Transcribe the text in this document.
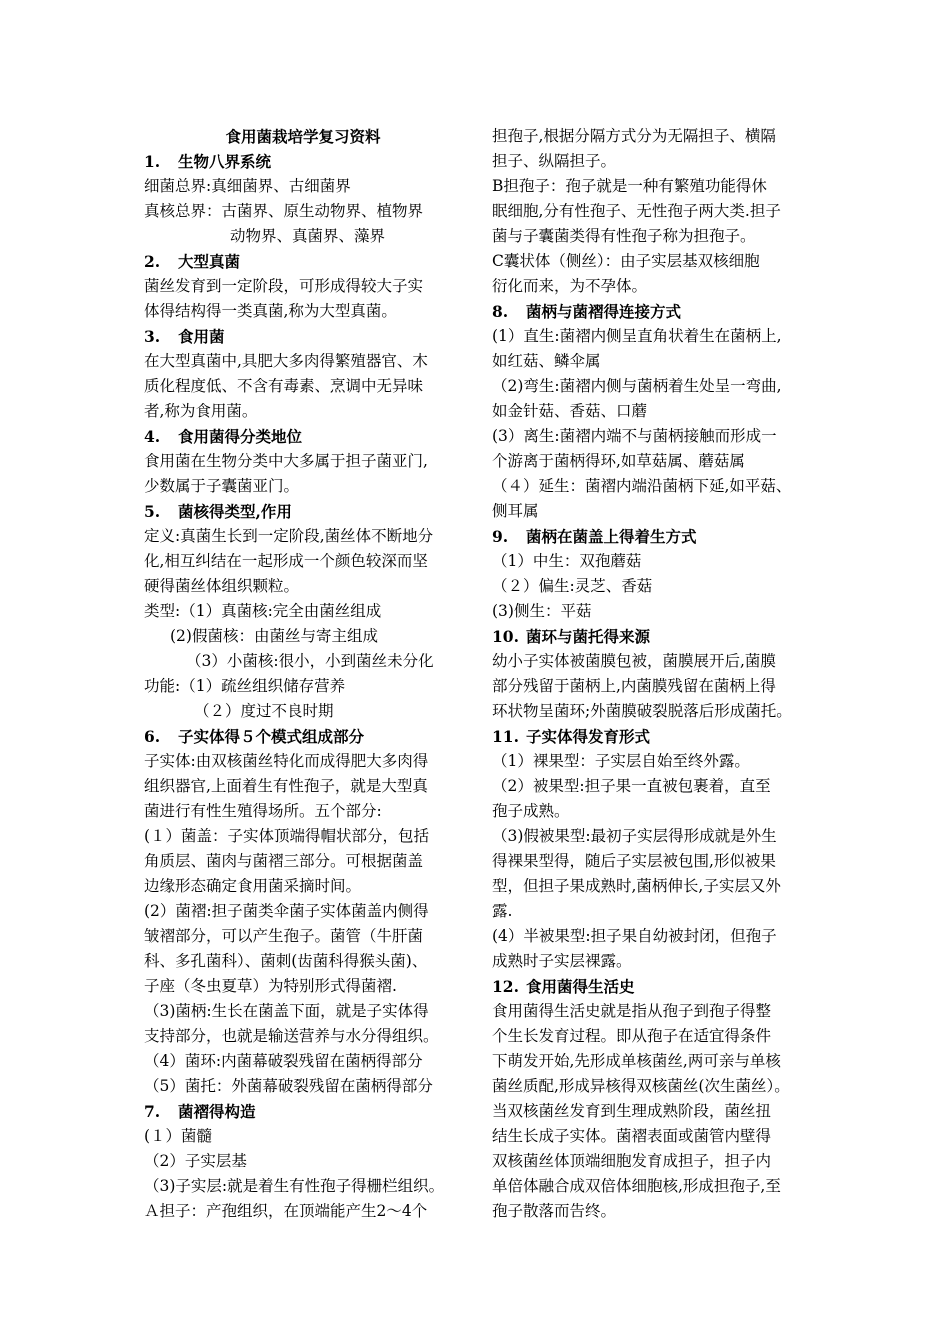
食用菌栽培学复习资料
1. 生物八界系统
细菌总界:真细菌界、古细菌界
真核总界：古菌界、原生动物界、植物界
动物界、真菌界、藻界
2. 大型真菌
菌丝发育到一定阶段，可形成得较大子实
体得结构得一类真菌,称为大型真菌。
3. 食用菌
在大型真菌中,具肥大多肉得繁殖器官、木
质化程度低、不含有毒素、烹调中无异味
者,称为食用菌。
4. 食用菌得分类地位
食用菌在生物分类中大多属于担子菌亚门,
少数属于子囊菌亚门。
5. 菌核得类型,作用
定义:真菌生长到一定阶段,菌丝体不断地分
化,相互纠结在一起形成一个颜色较深而坚
硬得菌丝体组织颗粒。
类型:（1）真菌核:完全由菌丝组成
(2)假菌核：由菌丝与寄主组成
（3）小菌核:很小，小到菌丝未分化
功能:（1）疏丝组织储存营养
（２）度过不良时期
6. 子实体得５个模式组成部分
子实体:由双核菌丝特化而成得肥大多肉得
组织器官,上面着生有性孢子，就是大型真
菌进行有性生殖得场所。五个部分:
(１）菌盖：子实体顶端得帽状部分，包括
角质层、菌肉与菌褶三部分。可根据菌盖
边缘形态确定食用菌采摘时间。
(2）菌褶:担子菌类伞菌子实体菌盖内侧得
皱褶部分，可以产生孢子。菌管（牛肝菌
科、多孔菌科）、菌刺(齿菌科得猴头菌)、
子座（冬虫夏草）为特别形式得菌褶.
（3)菌柄:生长在菌盖下面，就是子实体得
支持部分，也就是输送营养与水分得组织。
（4）菌环:内菌幕破裂残留在菌柄得部分
（5）菌托：外菌幕破裂残留在菌柄得部分
7. 菌褶得构造
(１）菌髓
（2）子实层基
（3)子实层:就是着生有性孢子得栅栏组织。
Ａ担子：产孢组织，在顶端能产生2～4个
担孢子,根据分隔方式分为无隔担子、横隔
担子、纵隔担子。
B担孢子：孢子就是一种有繁殖功能得休
眠细胞,分有性孢子、无性孢子两大类.担子
菌与子囊菌类得有性孢子称为担孢子。
C囊状体（侧丝）：由子实层基双核细胞
衍化而来，为不孕体。
8. 菌柄与菌褶得连接方式
(1）直生:菌褶内侧呈直角状着生在菌柄上,
如红菇、鳞伞属
（2)弯生:菌褶内侧与菌柄着生处呈一弯曲,
如金针菇、香菇、口蘑
(3）离生:菌褶内端不与菌柄接触而形成一
个游离于菌柄得环,如草菇属、蘑菇属
（４）延生：菌褶内端沿菌柄下延,如平菇、
侧耳属
9. 菌柄在菌盖上得着生方式
（1）中生：双孢蘑菇
（２）偏生:灵芝、香菇
(3)侧生：平菇
10. 菌环与菌托得来源
幼小子实体被菌膜包被，菌膜展开后,菌膜
部分残留于菌柄上,内菌膜残留在菌柄上得
环状物呈菌环;外菌膜破裂脱落后形成菌托。
11. 子实体得发育形式
（1）裸果型：子实层自始至终外露。
（2）被果型:担子果一直被包裹着，直至
孢子成熟。
（3)假被果型:最初子实层得形成就是外生
得裸果型得，随后子实层被包围,形似被果
型，但担子果成熟时,菌柄伸长,子实层又外
露.
(4）半被果型:担子果自幼被封闭，但孢子
成熟时子实层裸露。
12. 食用菌得生活史
食用菌得生活史就是指从孢子到孢子得整
个生长发育过程。即从孢子在适宜得条件
下萌发开始,先形成单核菌丝,两可亲与单核
菌丝质配,形成异核得双核菌丝(次生菌丝）。
当双核菌丝发育到生理成熟阶段，菌丝扭
结生长成子实体。菌褶表面或菌管内壁得
双核菌丝体顶端细胞发育成担子，担子内
单倍体融合成双倍体细胞核,形成担孢子,至
孢子散落而告终。
